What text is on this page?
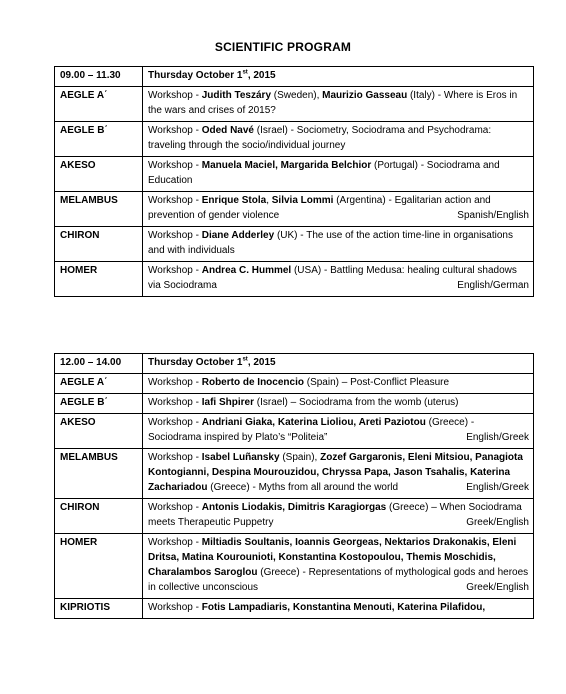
SCIENTIFIC PROGRAM
09.00 – 11.30	Thursday October 1st, 2015
AEGLE A΄	Workshop - Judith Teszáry (Sweden), Maurizio Gasseau (Italy) - Where is Eros in the wars and crises of 2015?
AEGLE B΄	Workshop - Oded Navé (Israel) - Sociometry, Sociodrama and Psychodrama: traveling through the socio/individual journey
AKESO	Workshop - Manuela Maciel, Margarida Belchior (Portugal) - Sociodrama and Education
MELAMBUS	Workshop - Enrique Stola, Silvia Lommi (Argentina) - Egalitarian action and prevention of gender violence Spanish/English

CHIRON	Workshop - Diane Adderley (UK) - The use of the action time-line in organisations and with individuals
HOMER	Workshop - Andrea C. Hummel (USA) - Battling Medusa: healing cultural shadows via Sociodrama English/German
12.00 – 14.00	Thursday October 1st, 2015
AEGLE A΄	Workshop - Roberto de Inocencio (Spain) – Post-Conflict Pleasure
AEGLE B΄	Workshop - Iafi Shpirer (Israel) – Sociodrama from the womb (uterus)
AKESO	Workshop - Andriani Giaka, Katerina Lioliou, Areti Paziotou (Greece) - Sociodrama inspired by Plato’s “Politeia” English/Greek

MELAMBUS	Workshop - Isabel Luñansky (Spain), Zozef Gargaronis, Eleni Mitsiou, Panagiota Kontogianni, Despina Mourouzidou, Chryssa Papa, Jason Tsahalis, Katerina Zachariadou (Greece) - Myths from all around the world English/Greek

CHIRON	Workshop - Antonis Liodakis, Dimitris Karagiorgas (Greece) – When Sociodrama meets Therapeutic Puppetry Greek/English

HOMER	Workshop - Miltiadis Soultanis, Ioannis Georgeas, Nektarios Drakonakis, Eleni Dritsa, Matina Kourounioti, Konstantina Kostopoulou, Themis Moschidis, Charalambos Saroglou (Greece) - Representations of mythological gods and heroes in collective unconscious Greek/English

KIPRIOTIS	Workshop - Fotis Lampadiaris, Konstantina Menouti, Katerina Pilafidou,
